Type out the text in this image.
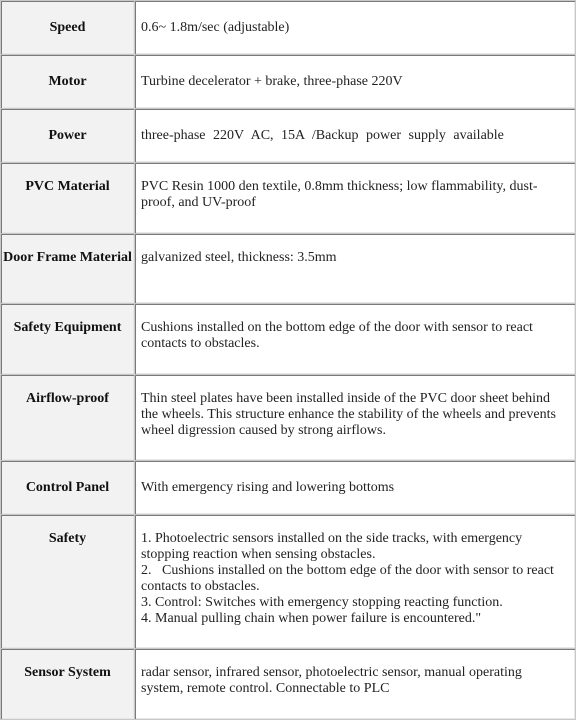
Speed	0.6~ 1.8m/sec (adjustable)
Motor	Turbine decelerator + brake, three-phase 220V
Power	three-phase 220V AC, 15A /Backup power supply available
PVC Material	PVC Resin 1000 den textile, 0.8mm thickness; low flammability, dust-proof, and UV-proof
Door Frame Material	galvanized steel, thickness: 3.5mm
Safety Equipment	Cushions installed on the bottom edge of the door with sensor to react contacts to obstacles.
Airflow-proof	Thin steel plates have been installed inside of the PVC door sheet behind the wheels. This structure enhance the stability of the wheels and prevents wheel digression caused by strong airflows.
Control Panel	With emergency rising and lowering bottoms
Safety	1. Photoelectric sensors installed on the side tracks, with emergency stopping reaction when sensing obstacles.
2.   Cushions installed on the bottom edge of the door with sensor to react contacts to obstacles.
3. Control: Switches with emergency stopping reacting function.
4. Manual pulling chain when power failure is encountered."

Sensor System	radar sensor, infrared sensor, photoelectric sensor, manual operating system, remote control. Connectable to PLC
